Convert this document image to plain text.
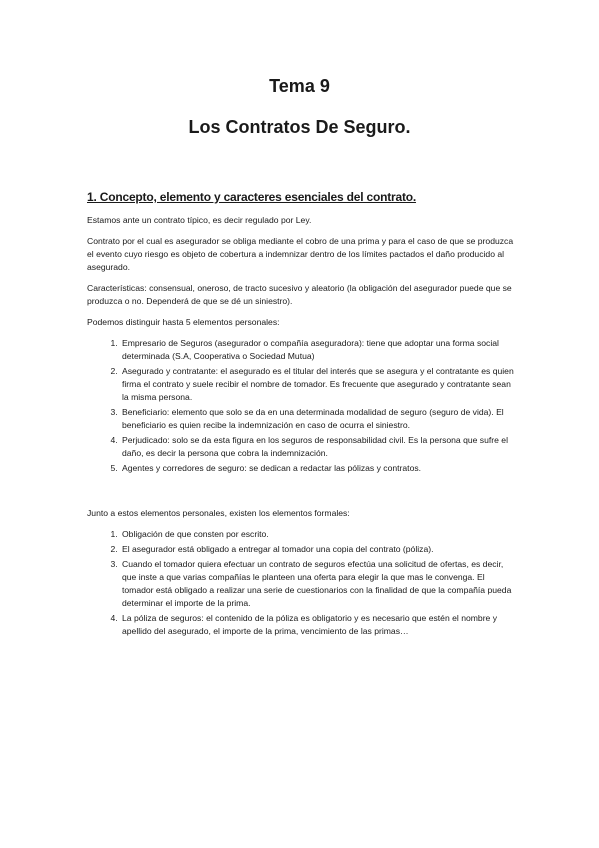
Tema 9
Los Contratos De Seguro.
1. Concepto, elemento y caracteres esenciales del contrato.

Estamos ante un contrato típico, es decir regulado por Ley.

Contrato por el cual es asegurador se obliga mediante el cobro de una prima y para el caso de que se produzca el evento cuyo riesgo es objeto de cobertura a indemnizar dentro de los límites pactados el daño producido al asegurado.

Características: consensual, oneroso, de tracto sucesivo y aleatorio (la obligación del asegurador puede que se produzca o no. Dependerá de que se dé un siniestro).

Podemos distinguir hasta 5 elementos personales:

1. Empresario de Seguros (asegurador o compañía aseguradora): tiene que adoptar una forma social determinada (S.A, Cooperativa o Sociedad Mutua)
2. Asegurado y contratante: el asegurado es el titular del interés que se asegura y el contratante es quien firma el contrato y suele recibir el nombre de tomador. Es frecuente que asegurado y contratante sean la misma persona.
3. Beneficiario: elemento que solo se da en una determinada modalidad de seguro (seguro de vida). El beneficiario es quien recibe la indemnización en caso de ocurra el siniestro.
4. Perjudicado: solo se da esta figura en los seguros de responsabilidad civil. Es la persona que sufre el daño, es decir la persona que cobra la indemnización.
5. Agentes y corredores de seguro: se dedican a redactar las pólizas y contratos.

Junto a estos elementos personales, existen los elementos formales:

1. Obligación de que consten por escrito.
2. El asegurador está obligado a entregar al tomador una copia del contrato (póliza).
3. Cuando el tomador quiera efectuar un contrato de seguros efectúa una solicitud de ofertas, es decir, que inste a que varias compañías le planteen una oferta para elegir la que mas le convenga. El tomador está obligado a realizar una serie de cuestionarios con la finalidad de que la compañía pueda determinar el importe de la prima.
4. La póliza de seguros: el contenido de la póliza es obligatorio y es necesario que estén el nombre y apellido del asegurado, el importe de la prima, vencimiento de las primas…
